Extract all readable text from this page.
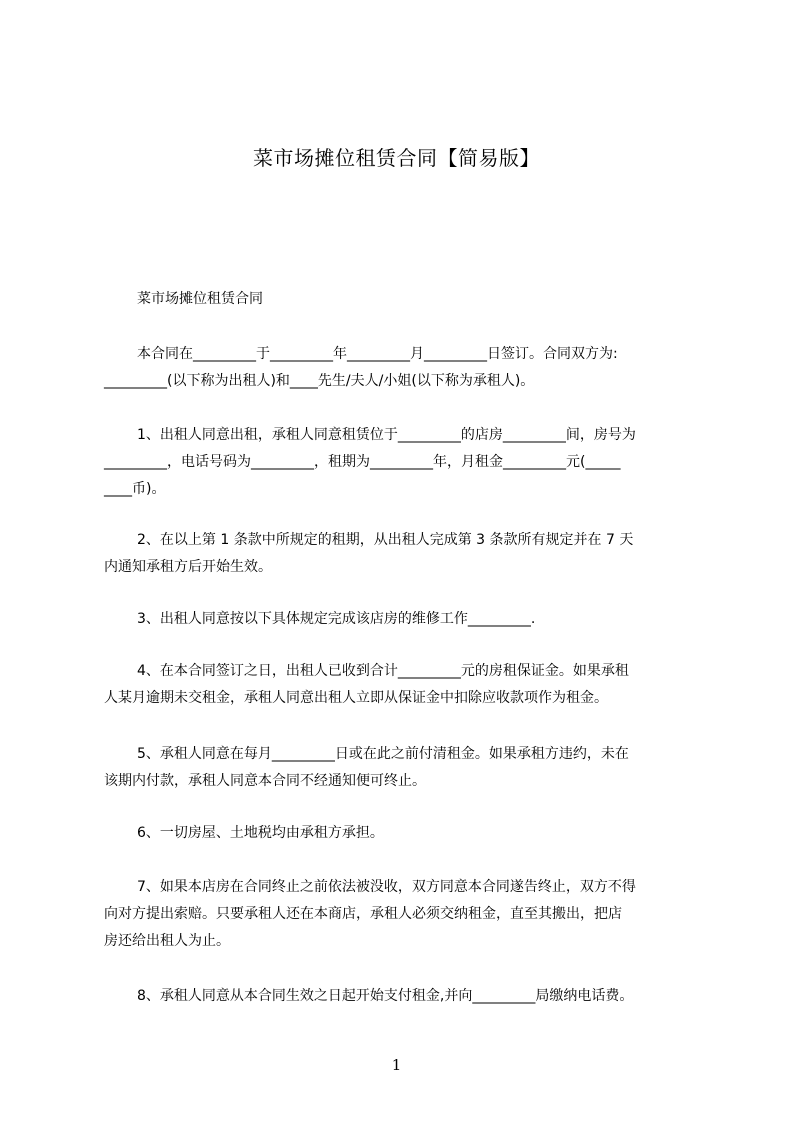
菜市场摊位租赁合同【简易版】
菜市场摊位租赁合同
本合同在_________于_________年_________月_________日签订。合同双方为:
_________(以下称为出租人)和____先生/夫人/小姐(以下称为承租人)。
1、出租人同意出租，承租人同意租赁位于_________的店房_________间，房号为
_________，电话号码为_________，租期为_________年，月租金_________元(_____
____币)。
2、在以上第 1 条款中所规定的租期，从出租人完成第 3 条款所有规定并在 7 天
内通知承租方后开始生效。
3、出租人同意按以下具体规定完成该店房的维修工作_________.
4、在本合同签订之日，出租人已收到合计_________元的房租保证金。如果承租
人某月逾期未交租金，承租人同意出租人立即从保证金中扣除应收款项作为租金。
5、承租人同意在每月_________日或在此之前付清租金。如果承租方违约，未在
该期内付款，承租人同意本合同不经通知便可终止。
6、一切房屋、土地税均由承租方承担。
7、如果本店房在合同终止之前依法被没收，双方同意本合同遂告终止，双方不得
向对方提出索赔。只要承租人还在本商店，承租人必须交纳租金，直至其搬出，把店
房还给出租人为止。
8、承租人同意从本合同生效之日起开始支付租金,并向_________局缴纳电话费。
1
